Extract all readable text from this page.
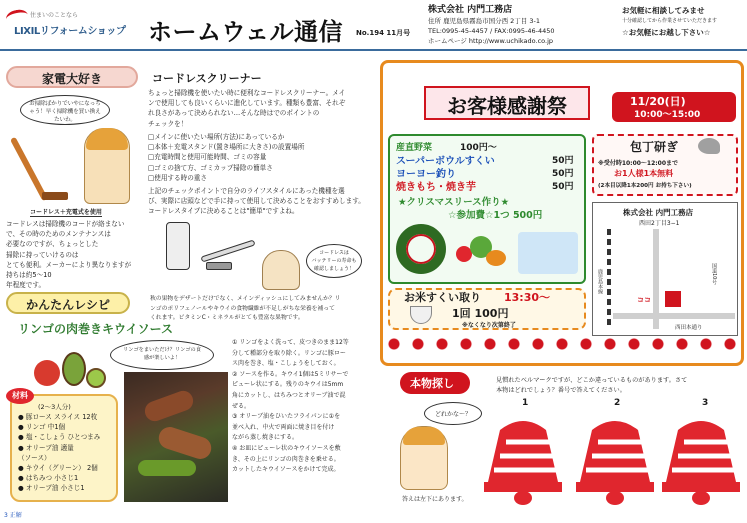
住まいのことなら
LIXILリフォームショップ ホームウェル通信 No.194 11月号
株式会社 内門工務店
住所 鹿児島県霧島市国分西 2丁目 3-1
TEL:0995-45-4457 / FAX:0995-46-4450
ホームページ http://www.uchikado.co.jp
お気軽に相談してみませ
十分確認してから作業させていただきます
☆お気軽にお越し下さい☆
家電大好き	コードレスクリーナー
お掃除ばかりでいやになっちゃう！早く掃除機を買い換えたいわ。
コードレス＋充電式を使用
ちょっと掃除機を使いたい時に便利なコードレスクリーナー。メイ
ンで使用しても良いくらいに進化しています。種類も豊富、それぞ
れ良さがあって決められない…そんな時はでのポイントの
チェックを！
□メインに使いたい場所(方法)にあっているか
□本体＋充電スタンド(置き場所に大きさ)の設置場所
□充電時間と使用可能時間、ゴミの容量
□ゴミの捨て方、ゴミカップ掃除の簡単さ
□使用する時の重さ
上記のチェックポイントで自分のライフスタイルにあった機種を選
び、実際に店頭などで手に持って使用して決めることをおすすめします。
コードレスタイプに決めることは"簡単"ですよね。
コードレスは掃除機のコードが絡まない
で、その時のためのメンテナンスは
必要なのですが、ちょっとした
掃除に持っていけるのは
とても便利。メーカーにより異なりますが
持ちは約5〜10
年程度です。
コードレスは
バッテリーの寿命も
確認しましょう！
かんたんレシピ
リンゴの肉巻きキウイソース
秋の果物をデザートだけでなく、メインディッシュにしてみませんか？リ
ンゴのポリフェノールやキウイの食物繊維が不足しがちな栄養を補って
くれます。ビタミンC・ミネラルがとても豊富な果物です。
リンゴをまいただけ？リンゴの食感が楽しいよ！
材料
(2〜3人分)
● 豚ロース スライス 12枚
● リンゴ 中1個
● 塩・こしょう ひとつまみ
● オリーブ油 適量
（ソース）
● キウイ（グリーン） 2個
● はちみつ 小さじ1
● オリーブ油 小さじ1
① リンゴをよく洗って、皮つきのまま12等
分して種部分を取り除く。リンゴに豚ロー
ス肉を巻き、塩・こしょうをしておく。
② ソースを作る。キウイ1個は5ミリサーで
ピューレ状にする。残りのキウイは5mm
角にカットし、はちみつとオリーブ油で混
ぜる。
③ オリーブ油をひいたフライパンに①を
並べ入れ、中火で両面に焼き目を付け
ながら蒸し焼きにする。
④ お皿にピューレ状のキウイソースを敷
き、その上にリンゴの肉巻きを乗せる。
カットしたキウイソースをかけて完成。
3 正解
お客様感謝祭	11/20(日)
10:00〜15:00
産直野菜	100円〜
スーパーボウルすくい	50円
ヨーヨー釣り	50円
焼きもち・焼き芋	50円
★クリスマスリース作り★
☆参加費☆1つ 500円
包丁研ぎ
※受付時10:00〜12:00まで
お1人様1本無料
(2本目以降1本200円 お持ち下さい)
株式会社 内門工務店
西田2丁目3−1
鹿児島本線	国道10号
西田本通り
ココ
お米すくい取り 13:30〜
1回 100円
※なくなり次第終了
本物探し	見慣れたベルマークですが、どこか違っているものがあります。さて
本物はどれでしょう？番号で答えてください。
どれかな〜？
答えは左下にあります。
1	2	3
